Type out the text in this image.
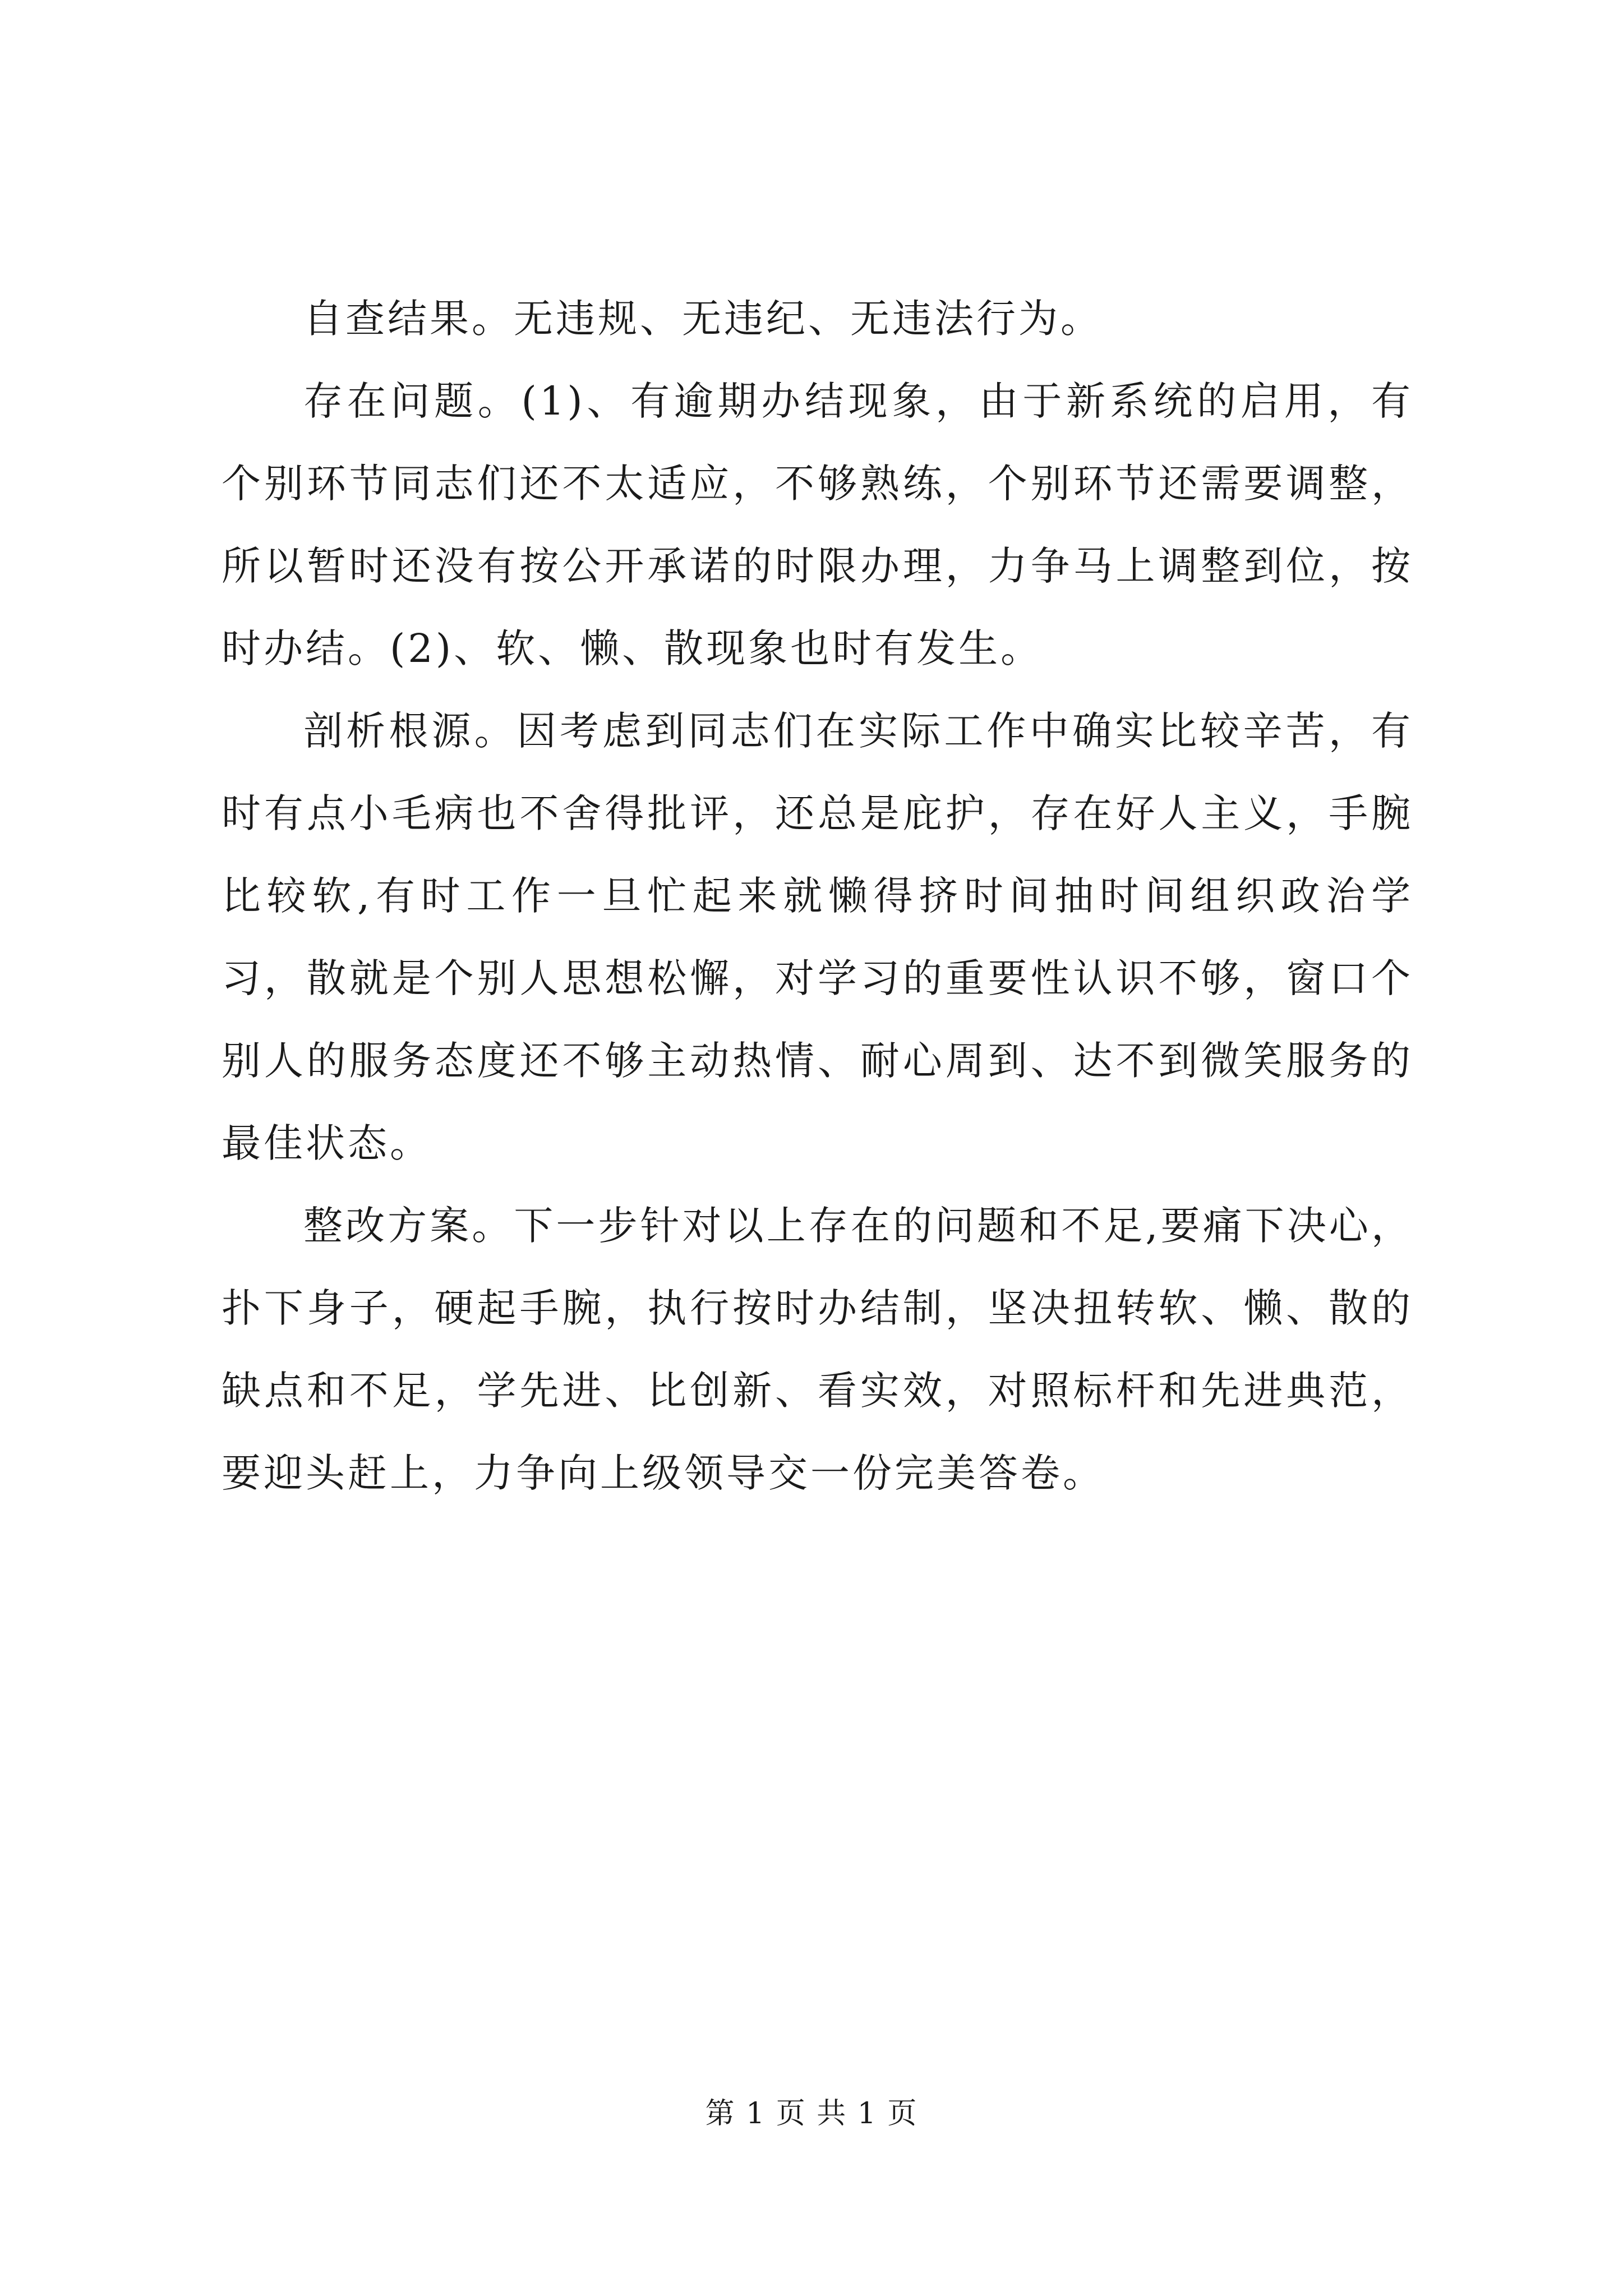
自查结果。无违规、无违纪、无违法行为。

存在问题。(1)、有逾期办结现象，由于新系统的启用，有个别环节同志们还不太适应，不够熟练，个别环节还需要调整，所以暂时还没有按公开承诺的时限办理，力争马上调整到位，按时办结。(2)、软、懒、散现象也时有发生。

剖析根源。因考虑到同志们在实际工作中确实比较辛苦，有时有点小毛病也不舍得批评，还总是庇护，存在好人主义，手腕比较软,有时工作一旦忙起来就懒得挤时间抽时间组织政治学习，散就是个别人思想松懈，对学习的重要性认识不够，窗口个别人的服务态度还不够主动热情、耐心周到、达不到微笑服务的最佳状态。

整改方案。下一步针对以上存在的问题和不足,要痛下决心，扑下身子，硬起手腕，执行按时办结制，坚决扭转软、懒、散的缺点和不足，学先进、比创新、看实效，对照标杆和先进典范，要迎头赶上，力争向上级领导交一份完美答卷。

第 1 页 共 1 页
